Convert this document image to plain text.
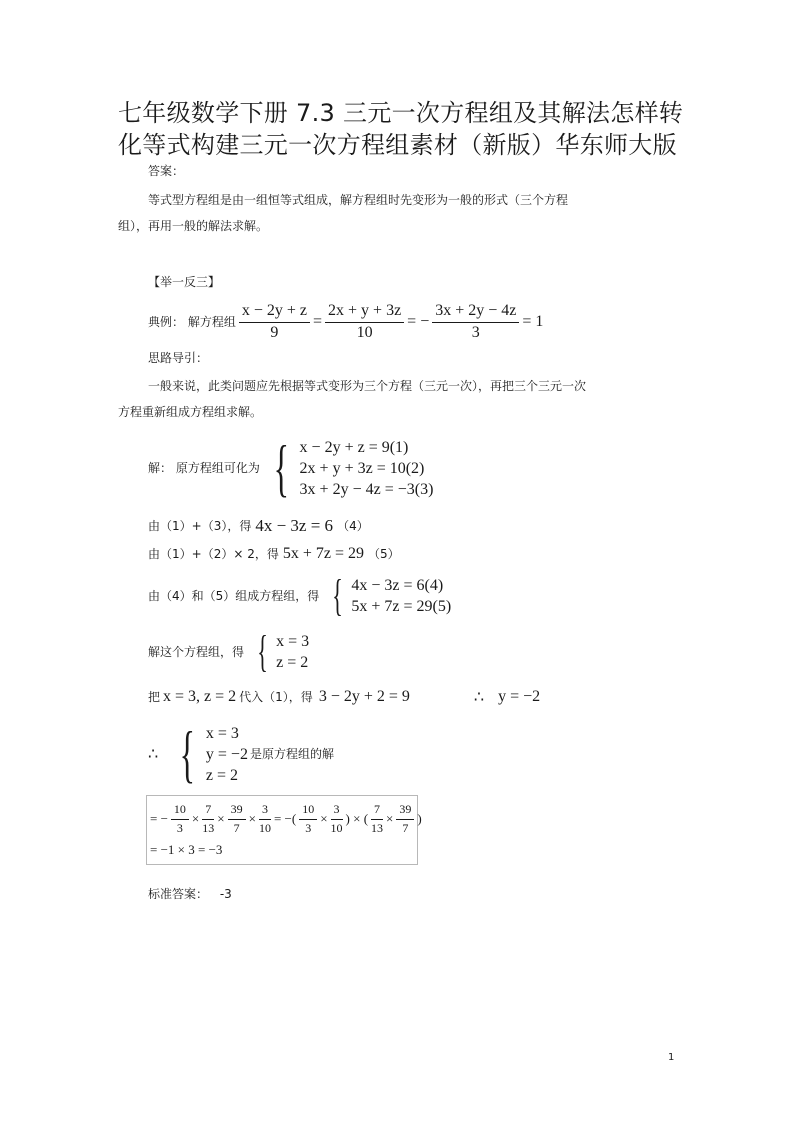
七年级数学下册 7.3 三元一次方程组及其解法怎样转
化等式构建三元一次方程组素材（新版）华东师大版
答案：
等式型方程组是由一组恒等式组成，解方程组时先变形为一般的形式（三个方程
组），再用一般的解法求解。
【举一反三】
典例： 解方程组 $\frac{x - 2y + z}{9} = \frac{2x + y + 3z}{10}$ = − $\frac{3x + 2y - 4z}{3} = 1$
思路导引：
一般来说，此类问题应先根据等式变形为三个方程（三元一次），再把三个三元一次
方程重新组成方程组求解。
解： 原方程组可化为 { x − 2y + z = 9(1)
2x + y + 3z = 10(2)
3x + 2y − 4z = −3(3)
由（1）+（3），得 4x − 3z = 6 （4）
由（1）+（2）× 2，得 5x + 7z = 29 （5）
由（4）和（5）组成方程组，得 { 4x − 3z = 6(4)
5x + 7z = 29(5)
解这个方程组，得 { x = 3
z = 2
把 x = 3, z = 2 代入（1），得 3 − 2y + 2 = 9	∴ y = −2
∴ { x = 3
y = −2
z = 2
是原方程组的解
= − $\frac{10}{3} \times \frac{7}{13} \times \frac{39}{7} \times \frac{3}{10}$ = −( $\frac{10}{3} \times \frac{3}{10}$ ) × ( $\frac{7}{13} \times \frac{39}{7}$ )
= −1 × 3 = −3
标准答案： -3
1
